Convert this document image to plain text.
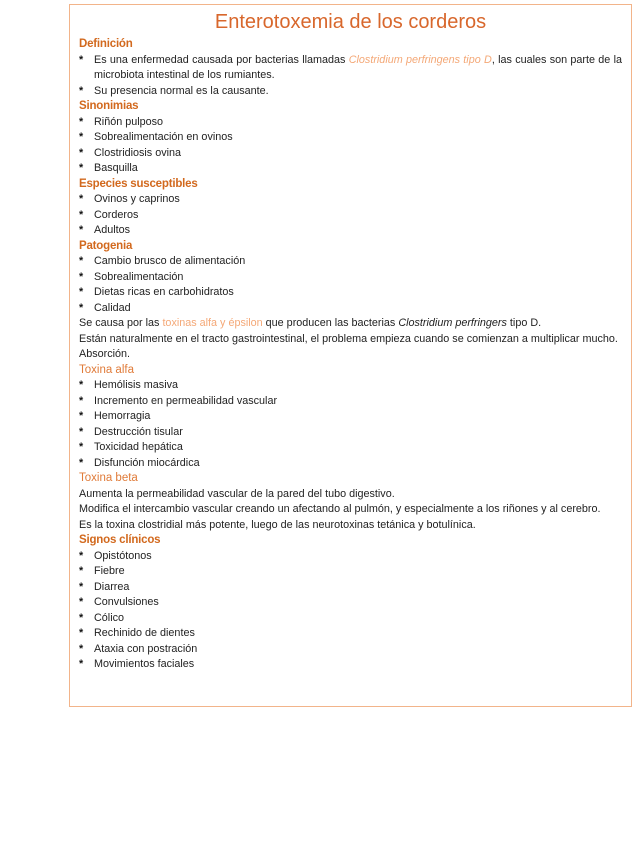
Enterotoxemia de los corderos
Definición
* Es una enfermedad causada por bacterias llamadas Clostridium perfringens tipo D, las cuales son parte de la microbiota intestinal de los rumiantes.
* Su presencia normal es la causante.
Sinonimias
* Riñón pulposo
* Sobrealimentación en ovinos
* Clostridiosis ovina
* Basquilla
Especies susceptibles
* Ovinos y caprinos
* Corderos
* Adultos
Patogenia
* Cambio brusco de alimentación
* Sobrealimentación
* Dietas ricas en carbohidratos
* Calidad

Se causa por las toxinas alfa y épsilon que producen las bacterias Clostridium perfringers tipo D.

Están naturalmente en el tracto gastrointestinal, el problema empieza cuando se comienzan a multiplicar mucho.

Absorción.

Toxina alfa
* Hemólisis masiva
* Incremento en permeabilidad vascular
* Hemorragia
* Destrucción tisular
* Toxicidad hepática
* Disfunción miocárdica
Toxina beta

Aumenta la permeabilidad vascular de la pared del tubo digestivo.

Modifica el intercambio vascular creando un afectando al pulmón, y especialmente a los riñones y al cerebro.

Es la toxina clostridial más potente, luego de las neurotoxinas tetánica y botulínica.

Signos clínicos
* Opistótonos
* Fiebre
* Diarrea
* Convulsiones
* Cólico
* Rechinido de dientes
* Ataxia con postración
* Movimientos faciales
